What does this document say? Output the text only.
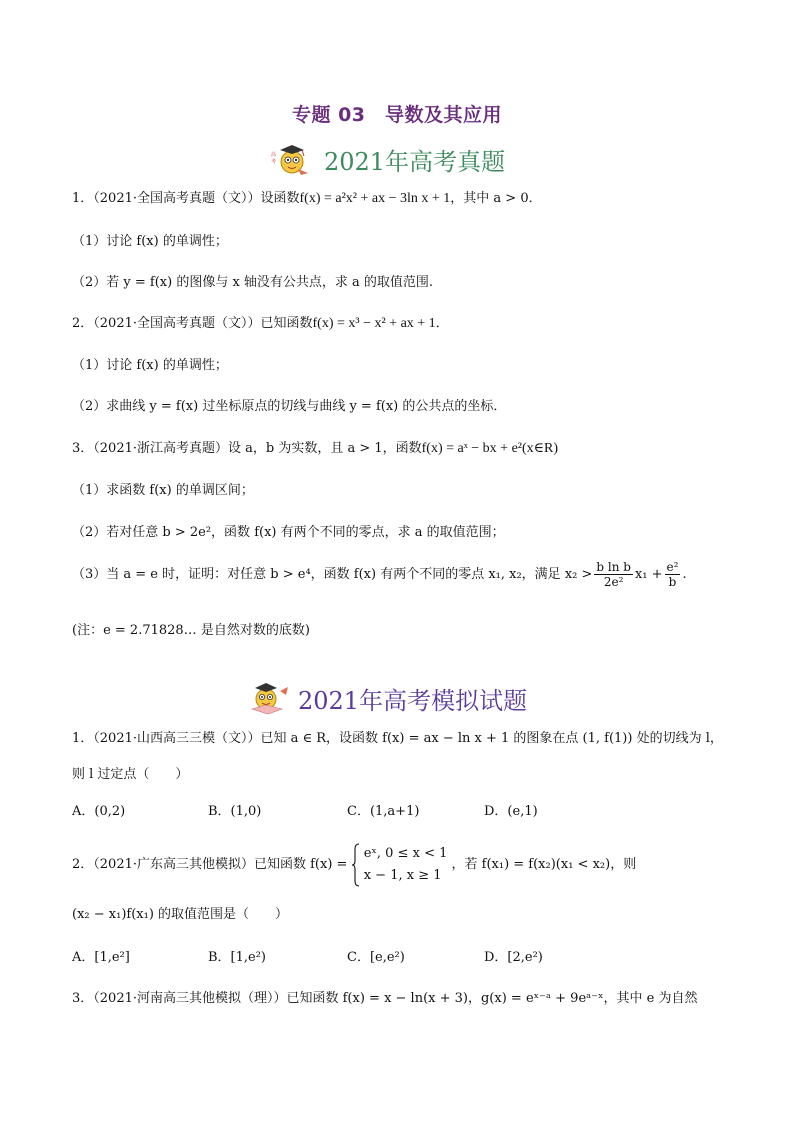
专题 03　导数及其应用
高
考 2021年高考真题
1．（2021·全国高考真题（文））设函数f(x) = a²x² + ax − 3ln x + 1，其中 a > 0．
（1）讨论 f(x) 的单调性；
（2）若 y = f(x) 的图像与 x 轴没有公共点，求 a 的取值范围.
2．（2021·全国高考真题（文））已知函数f(x) = x³ − x² + ax + 1．
（1）讨论 f(x) 的单调性；
（2）求曲线 y = f(x) 过坐标原点的切线与曲线 y = f(x) 的公共点的坐标．
3．（2021·浙江高考真题）设 a，b 为实数，且 a > 1，函数f(x) = aˣ − bx + e²(x∈R)
（1）求函数 f(x) 的单调区间；
（2）若对任意 b > 2e²，函数 f(x) 有两个不同的零点，求 a 的取值范围；
（3）当 a = e 时，证明：对任意 b > e⁴，函数 f(x) 有两个不同的零点 x₁, x₂，满足 $x_2 > \frac{\text{b ln b}}{\text{2e²}} x_1 + \frac{\text{e²}}{b}$ .
(注：e = 2.71828… 是自然对数的底数)
2021年高考模拟试题
1．（2021·山西高三三模（文））已知 a ∈ R，设函数 f(x) = ax − ln x + 1 的图象在点 (1, f(1)) 处的切线为 l，
则 l 过定点（　　）
A．(0,2)	B．(1,0)	C．(1,a+1)	D．(e,1)
2．（2021·广东高三其他模拟）已知函数 f(x) =
eˣ, 0 ≤ x < 1
x − 1, x ≥ 1
，若 f(x₁) = f(x₂)(x₁ < x₂)，则
(x₂ − x₁)f(x₁) 的取值范围是（　　）
A．[1,e²]	B．[1,e²)	C．[e,e²)	D．[2,e²)
3．（2021·河南高三其他模拟（理））已知函数 f(x) = x − ln(x + 3)，g(x) = eˣ⁻ᵃ + 9eᵃ⁻ˣ，其中 e 为自然
